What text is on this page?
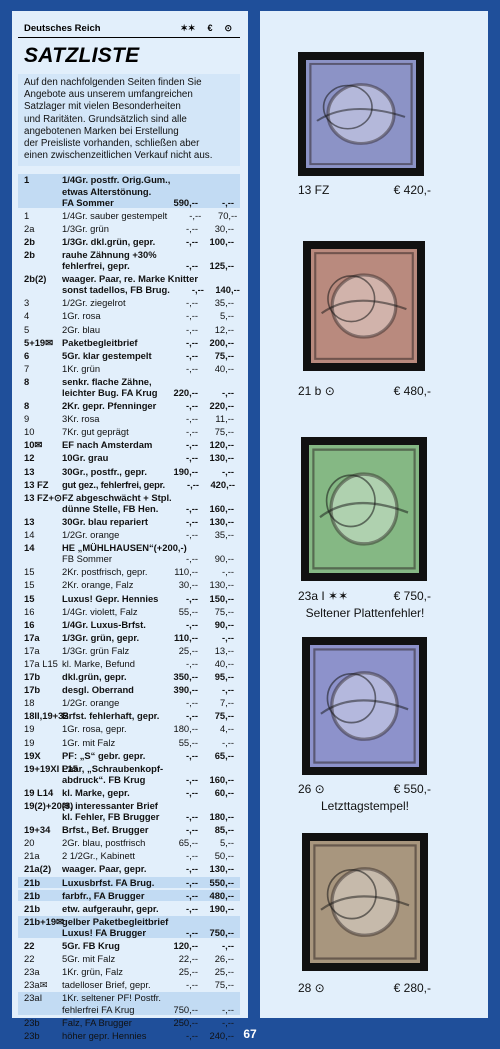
Deutsches Reich	✶✶ € ⊙
SATZLISTE
Auf den nachfolgenden Seiten finden Sie
Angebote aus unserem umfangreichen
Satzlager mit vielen Besonderheiten
und Raritäten. Grundsätzlich sind alle
angebotenen Marken bei Erstellung
der Preisliste vorhanden, schließen aber
einen zwischenzeitlichen Verkauf nicht aus.
1	1/4Gr. postfr. Orig.Gum.,
etwas Alterstönung.
FA Sommer	590,--	-,--
1	1/4Gr. sauber gestempelt	-,--	70,--
2a	1/3Gr. grün	-,--	30,--
2b	1/3Gr. dkl.grün, gepr.	-,--	100,--
2b	rauhe Zähnung +30%
fehlerfrei, gepr.	-,--	125,--
2b(2)	waager. Paar, re. Marke Knitter
sonst tadellos, FB Brug.	-,--	140,--
3	1/2Gr. ziegelrot	-,--	35,--
4	1Gr. rosa	-,--	5,--
5	2Gr. blau	-,--	12,--
5+19✉ Paketbegleitbrief	-,--	200,--
6	5Gr. klar gestempelt	-,--	75,--
7	1Kr. grün	-,--	40,--
8	senkr. flache Zähne,
leichter Bug. FA Krug	220,--	-,--
8	2Kr. gepr. Pfenninger	-,--	220,--
9	3Kr. rosa	-,--	11,--
10	7Kr. gut geprägt	-,--	75,--
10✉	EF nach Amsterdam	-,--	120,--
12	10Gr. grau	-,--	130,--
13	30Gr., postfr., gepr.	190,--	-,--
13 FZ	gut gez., fehlerfrei, gepr.	-,--	420,--
13 FZ+⊙ FZ abgeschwächt + Stpl.
dünne Stelle, FB Hen.	-,--	160,--
13	30Gr. blau repariert	-,--	130,--
14	1/2Gr. orange	-,--	35,--
14	HE „MÜHLHAUSEN“(+200,-)
FB Sommer	-,--	90,--
15	2Kr. postfrisch, gepr.	110,--	-,--
15	2Kr. orange, Falz	30,--	130,--
15	Luxus! Gepr. Hennies	-,--	150,--
16	1/4Gr. violett, Falz	55,--	75,--
16	1/4Gr. Luxus-Brfst.	-,--	90,--
17a	1/3Gr. grün, gepr.	110,--	-,--
17a	1/3Gr. grün Falz	25,--	13,--
17a L15 kl. Marke, Befund	-,--	40,--
17b	dkl.grün, gepr.	350,--	95,--
17b	desgl. Oberrand	390,--	-,--
18	1/2Gr. orange	-,--	7,--
18II,19+32
Brfst. fehlerhaft, gepr.	-,--	75,--
19	1Gr. rosa, gepr.	180,--	4,--
19	1Gr. mit Falz	55,--	-,--
19X	PF: „S“ gebr. gepr.	-,--	65,--
19+19XI L15
Paar, „Schraubenkopf-
abdruck“. FB Krug	-,--	160,--
19 L14 kl. Marke, gepr.	-,--	60,--
19(2)+20(3)
✉, interessanter Brief
kl. Fehler, FB Brugger	-,--	180,--
19+34	Brfst., Bef. Brugger	-,--	85,--
20	2Gr. blau, postfrisch	65,--	5,--
21a	2 1/2Gr., Kabinett	-,--	50,--
21a(2)	waager. Paar, gepr.	-,--	130,--
21b	Luxusbrfst. FA Brug.	-,--	550,--
21b	farbfr., FA Brugger	-,--	480,--
21b	etw. aufgerauhr, gepr.	-,--	190,--
21b+19✉
gelber Paketbegleitbrief
Luxus! FA Brugger	-,--	750,--
22	5Gr. FB Krug	120,--	-,--
22	5Gr. mit Falz	22,--	26,--
23a	1Kr. grün, Falz	25,--	25,--
23a✉	tadelloser Brief, gepr.	-,--	75,--
23aI	1Kr. seltener PF! Postfr.
fehlerfrei FA Krug	750,--	-,--
23b	Falz, FA Brugger	250,--	-,--
23b	höher gepr. Hennies	-,--	240,--
13 FZ	€ 420,-
21 b ⊙	€ 480,-
23a I ✶✶	€ 750,-
Seltener Plattenfehler!
26 ⊙	€ 550,-
Letzttagstempel!
28 ⊙	€ 280,-
67
